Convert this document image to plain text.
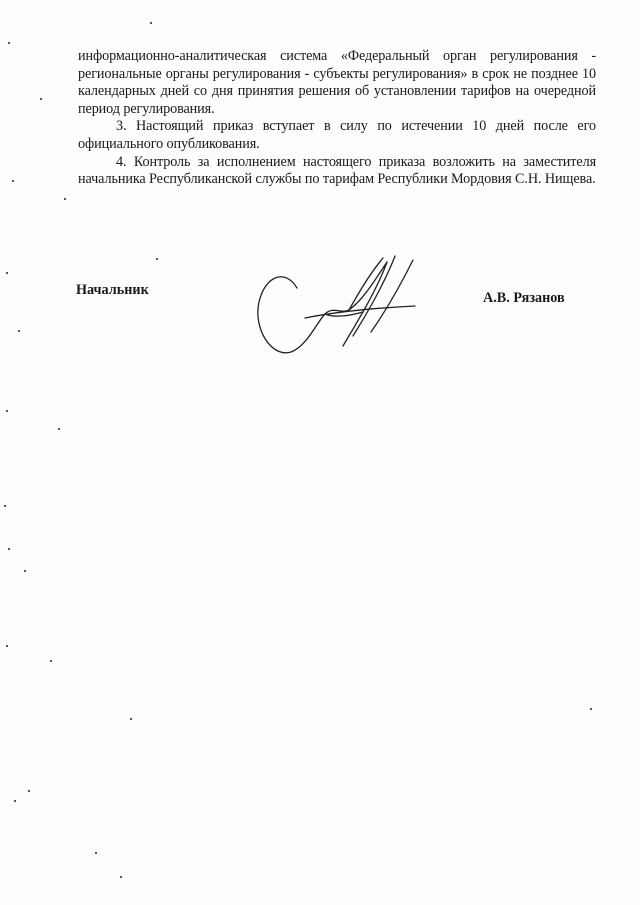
информационно-аналитическая система «Федеральный орган регулирования - региональные органы регулирования - субъекты регулирования» в срок не позднее 10 календарных дней со дня принятия решения об установлении тарифов на очередной период регулирования.

3. Настоящий приказ вступает в силу по истечении 10 дней после его официального опубликования.

4. Контроль за исполнением настоящего приказа возложить на заместителя начальника Республиканской службы по тарифам Республики Мордовия С.Н. Нищева.

Начальник	А.В. Рязанов
